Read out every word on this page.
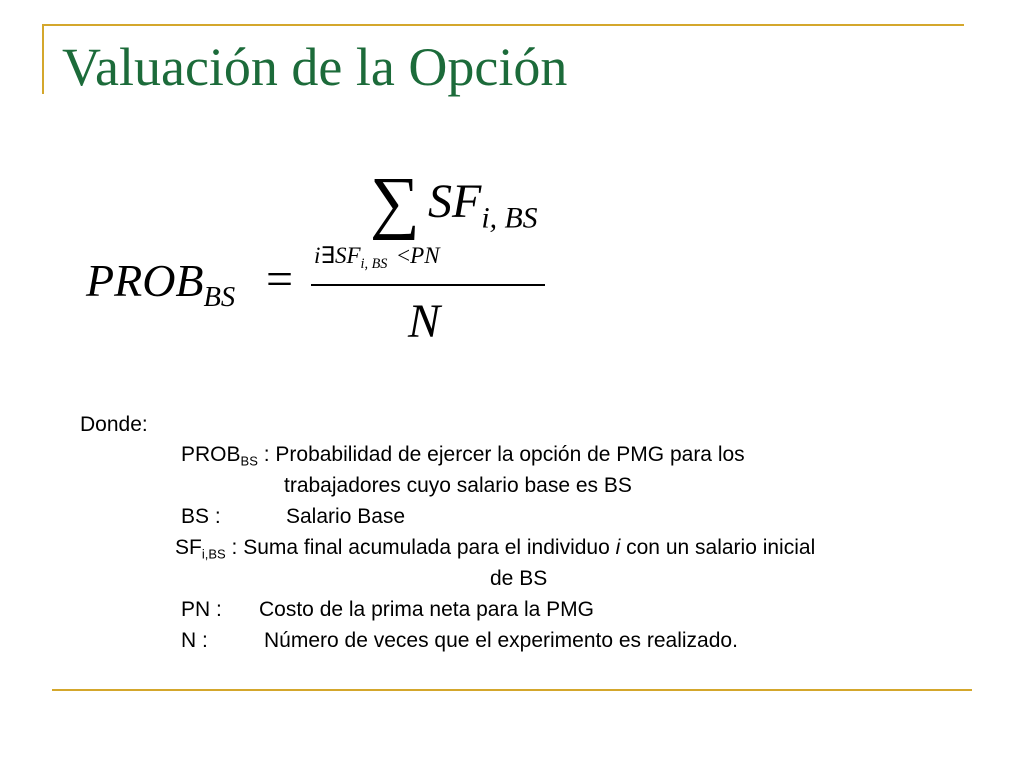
Valuación de la Opción
$PROB_{BS}$ =
∑ $SF_{i, BS}$
$i\exists SF_{i, BS} <PN$
N
Donde:
$PROB_{BS}$ : Probabilidad de ejercer la opción de PMG para los
trabajadores cuyo salario base es BS
BS :	Salario Base
$SF_{i,BS}$ : Suma final acumulada para el individuo i con un salario inicial
de BS
PN : Costo de la prima neta para la PMG
N :	Número de veces que el experimento es realizado.
